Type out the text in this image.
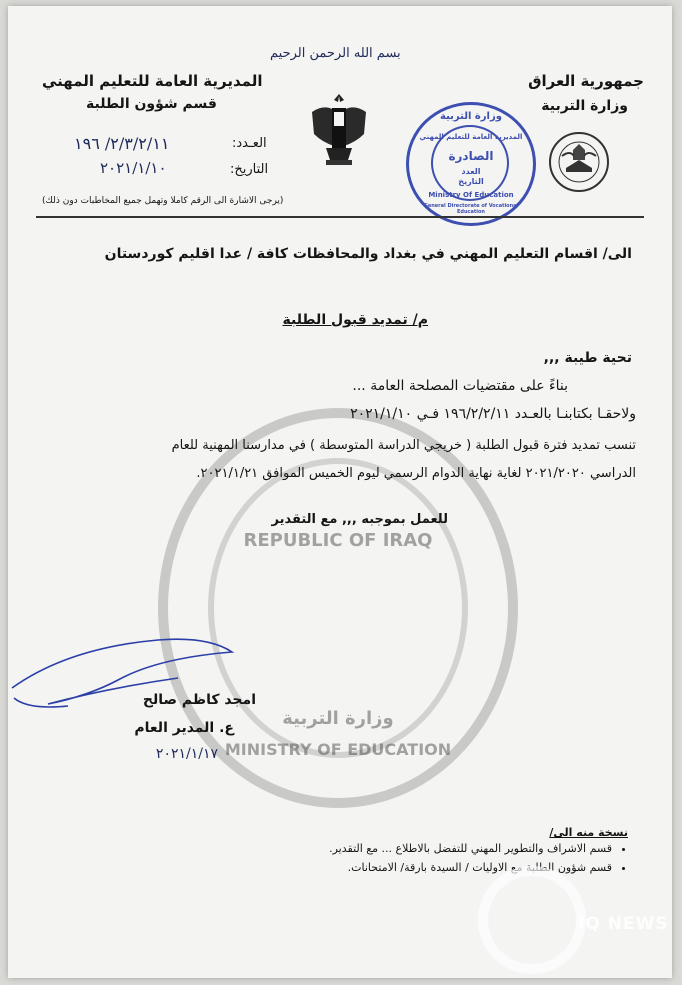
بسم الله الرحمن الرحيم
المديرية العامة للتعليم المهني
قسم شؤون الطلبة
جمهورية العراق
وزارة التربية
العـدد:
٢/٣/٢/١١/ ١٩٦
التاريخ:
٢٠٢١/١/١٠
وزارة التربية
المديرية العامة للتعليم المهني
الصادرة
العدد
التاريخ
Ministry Of Education
General Directorate of Vocational Education
(يرجى الاشارة الى الرقم كاملا وتهمل جميع المخاطبات دون ذلك)
الى/ اقسام التعليم المهني في بغداد والمحافظات كافة / عدا اقليم كوردستان
م/ تمديد قبول الطلبة
تحية طيبة ,,,
REPUBLIC OF IRAQ
وزارة التربية
MINISTRY OF EDUCATION
بناءً على مقتضيات المصلحة العامة ...
ولاحقـا بكتابنـا بالعـدد ١٩٦/٢/٢/١١ فـي ٢٠٢١/١/١٠
تنسب تمديد فترة قبول الطلبة ( خريجي الدراسة المتوسطة ) في مدارسنا المهنية للعام
الدراسي ٢٠٢١/٢٠٢٠ لغاية نهاية الدوام الرسمي ليوم الخميس الموافق ٢٠٢١/١/٢١.
للعمل بموجبه ,,, مع التقدير
امجد كاظم صالح
ع. المدير العام
٢٠٢١/١/١٧
نسخة منه الى/
• قسم الاشراف والتطوير المهني للتفضل بالاطلاع ... مع التقدير.
• قسم شؤون الطلبة مع الاوليات / السيدة بارقة/ الامتحانات.
IQ NEWS
